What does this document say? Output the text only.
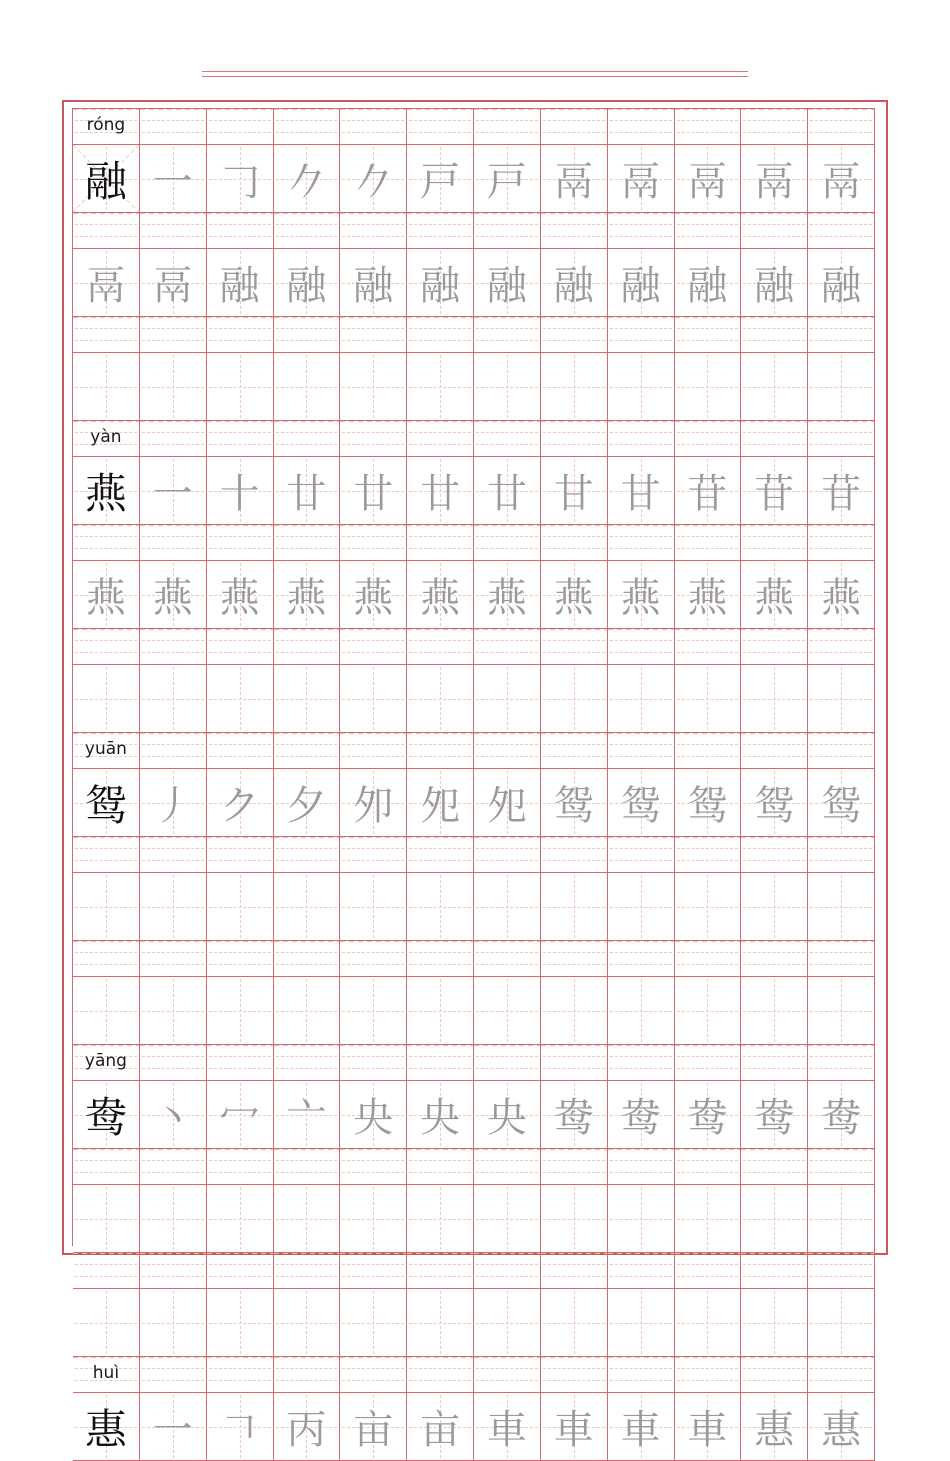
róng
融 一 𠃌 𠂊 𠂊 戸 戸 鬲 鬲 鬲 鬲 鬲
鬲 鬲 融 融 融 融 融 融 融 融 融 融
yàn
燕 一 十 廿 廿 廿 廿 甘 甘 苷 苷 苷
燕 燕 燕 燕 燕 燕 燕 燕 燕 燕 燕 燕
yuān
鸳 丿 ク 夕 夘 夗 夗 鸳 鸳 鸳 鸳 鸳
yāng
鸯 丶 冖 亠 央 央 央 鸯 鸯 鸯 鸯 鸯
huì
惠 一 𠃍 丙 亩 亩 車 車 車 車 惠 惠
